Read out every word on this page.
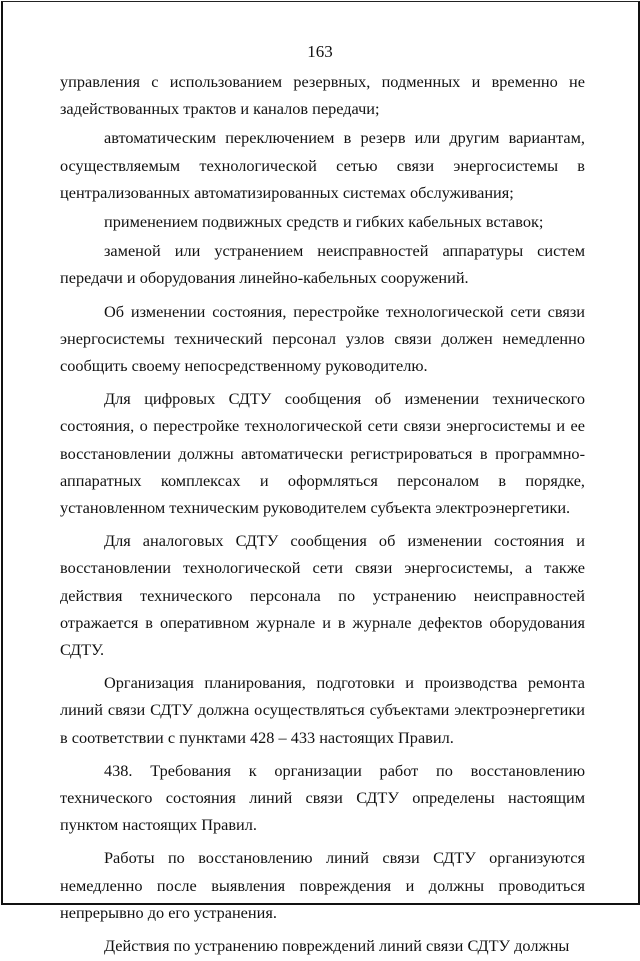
163

управления с использованием резервных, подменных и временно не задействованных трактов и каналов передачи;

автоматическим переключением в резерв или другим вариантам, осуществляемым технологической сетью связи энергосистемы в централизованных автоматизированных системах обслуживания;

применением подвижных средств и гибких кабельных вставок;

заменой или устранением неисправностей аппаратуры систем передачи и оборудования линейно-кабельных сооружений.

Об изменении состояния, перестройке технологической сети связи энергосистемы технический персонал узлов связи должен немедленно сообщить своему непосредственному руководителю.

Для цифровых СДТУ сообщения об изменении технического состояния, о перестройке технологической сети связи энергосистемы и ее восстановлении должны автоматически регистрироваться в программно-аппаратных комплексах и оформляться персоналом в порядке, установленном техническим руководителем субъекта электроэнергетики.

Для аналоговых СДТУ сообщения об изменении состояния и восстановлении технологической сети связи энергосистемы, а также действия технического персонала по устранению неисправностей отражается в оперативном журнале и в журнале дефектов оборудования СДТУ.

Организация планирования, подготовки и производства ремонта линий связи СДТУ должна осуществляться субъектами электроэнергетики в соответствии с пунктами 428 – 433 настоящих Правил.

438. Требования к организации работ по восстановлению технического состояния линий связи СДТУ определены настоящим пунктом настоящих Правил.

Работы по восстановлению линий связи СДТУ организуются немедленно после выявления повреждения и должны проводиться непрерывно до его устранения.

Действия по устранению повреждений линий связи СДТУ должны
